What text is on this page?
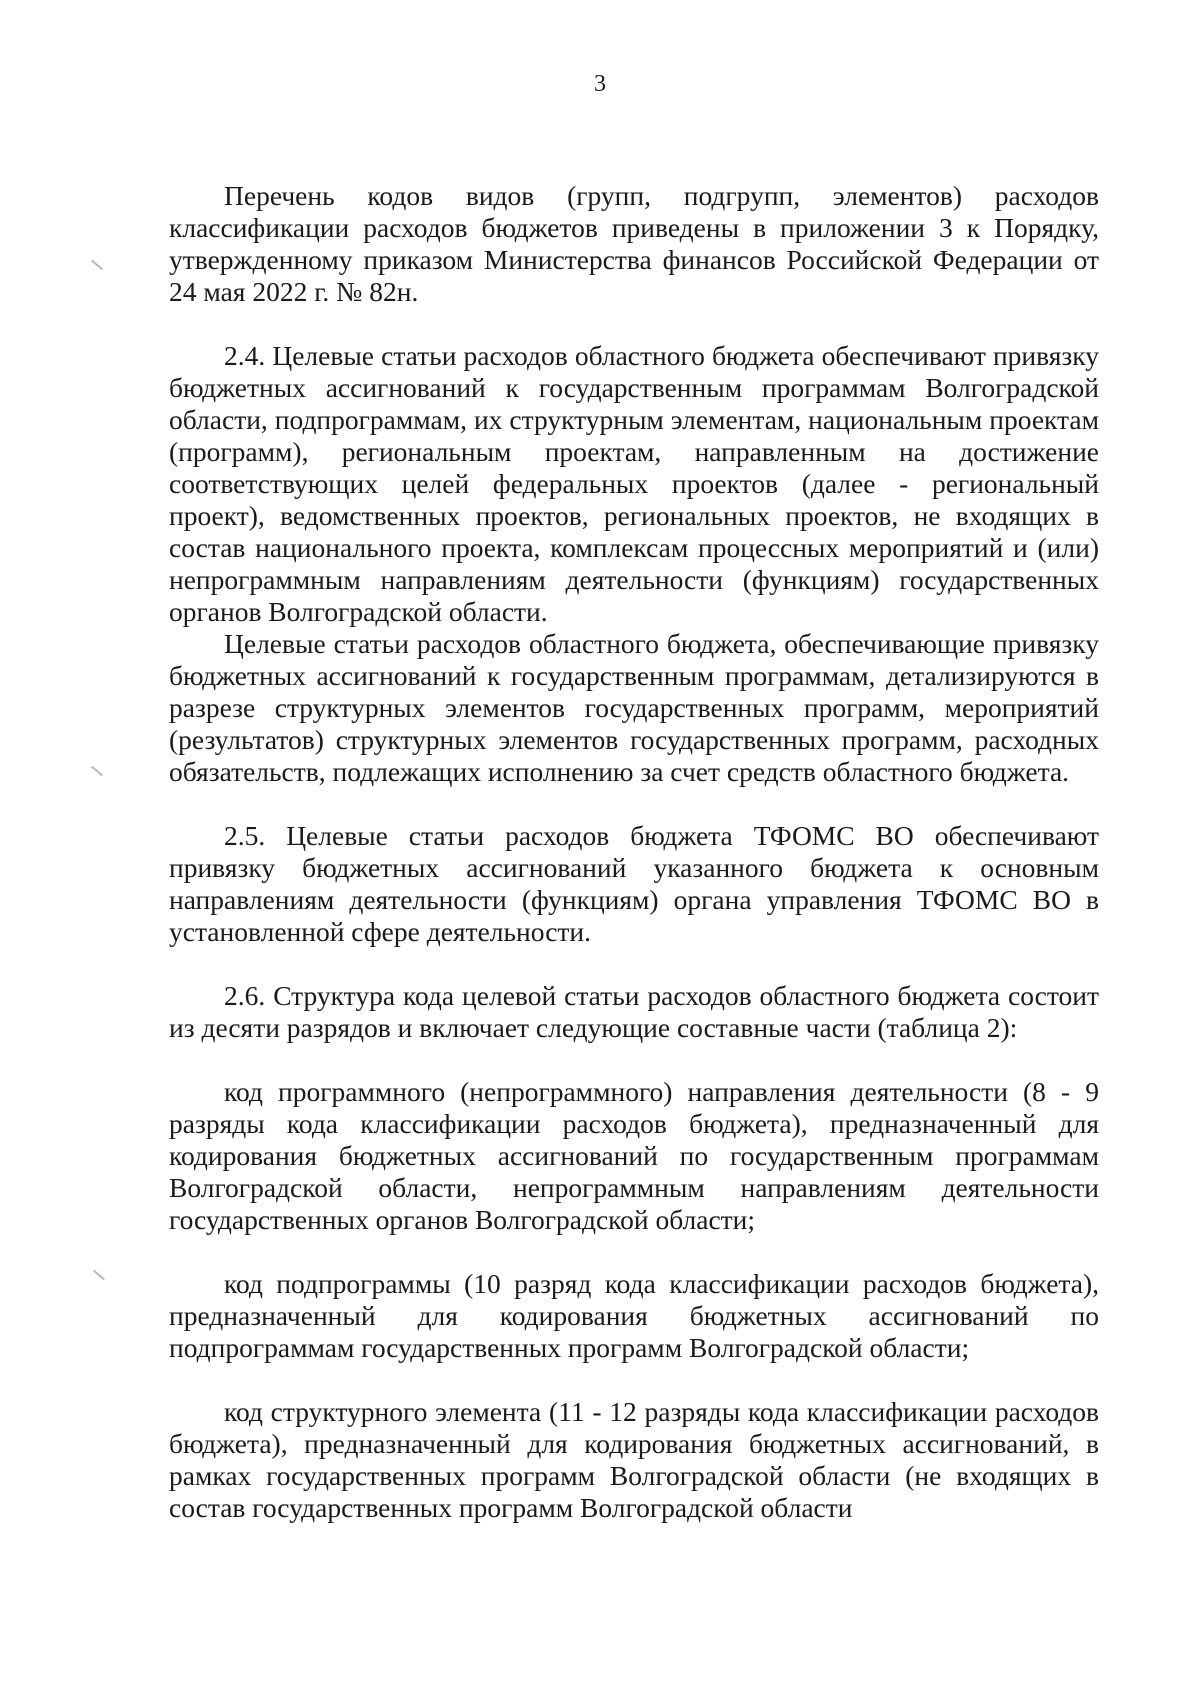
3

Перечень кодов видов (групп, подгрупп, элементов) расходов классификации расходов бюджетов приведены в приложении 3 к Порядку, утвержденному приказом Министерства финансов Российской Федерации от 24 мая 2022 г. № 82н.

2.4. Целевые статьи расходов областного бюджета обеспечивают привязку бюджетных ассигнований к государственным программам Волгоградской области, подпрограммам, их структурным элементам, национальным проектам (программ), региональным проектам, направленным на достижение соответствующих целей федеральных проектов (далее - региональный проект), ведомственных проектов, региональных проектов, не входящих в состав национального проекта, комплексам процессных мероприятий и (или) непрограммным направлениям деятельности (функциям) государственных органов Волгоградской области.

Целевые статьи расходов областного бюджета, обеспечивающие привязку бюджетных ассигнований к государственным программам, детализируются в разрезе структурных элементов государственных программ, мероприятий (результатов) структурных элементов государственных программ, расходных обязательств, подлежащих исполнению за счет средств областного бюджета.

2.5. Целевые статьи расходов бюджета ТФОМС ВО обеспечивают привязку бюджетных ассигнований указанного бюджета к основным направлениям деятельности (функциям) органа управления ТФОМС ВО в установленной сфере деятельности.

2.6. Структура кода целевой статьи расходов областного бюджета состоит из десяти разрядов и включает следующие составные части (таблица 2):

код программного (непрограммного) направления деятельности (8 - 9 разряды кода классификации расходов бюджета), предназначенный для кодирования бюджетных ассигнований по государственным программам Волгоградской области, непрограммным направлениям деятельности государственных органов Волгоградской области;

код подпрограммы (10 разряд кода классификации расходов бюджета), предназначенный для кодирования бюджетных ассигнований по подпрограммам государственных программ Волгоградской области;

код структурного элемента (11 - 12 разряды кода классификации расходов бюджета), предназначенный для кодирования бюджетных ассигнований, в рамках государственных программ Волгоградской области (не входящих в состав государственных программ Волгоградской области
